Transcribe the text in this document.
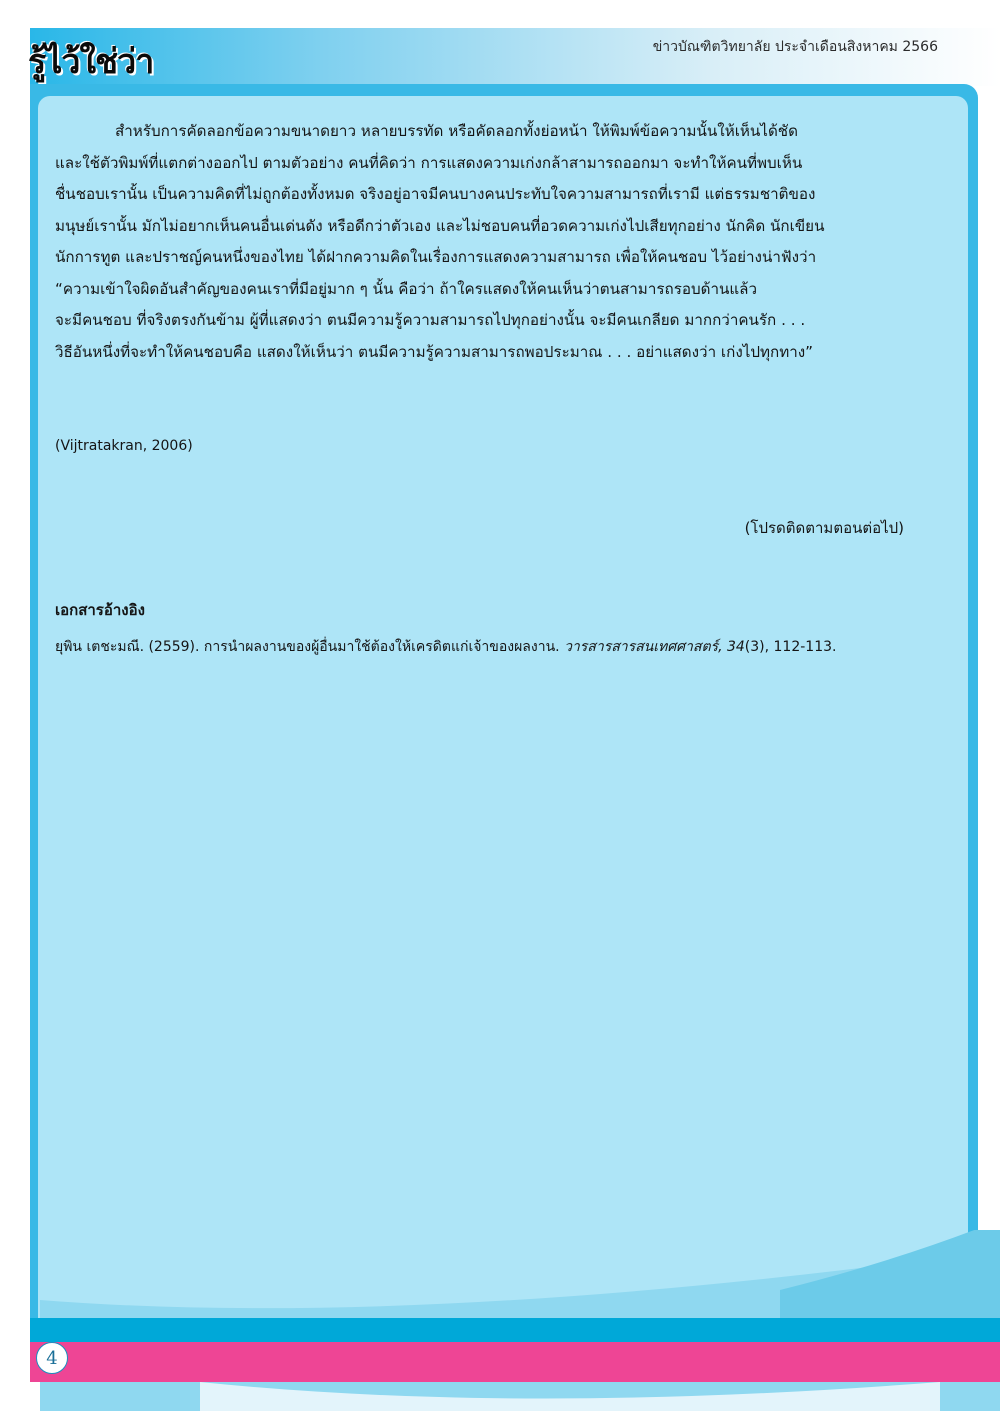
รู้ไว้ใช่ว่า	ข่าวบัณฑิตวิทยาลัย ประจำเดือนสิงหาคม 2566
สำหรับการคัดลอกข้อความขนาดยาว หลายบรรทัด หรือคัดลอกทั้งย่อหน้า ให้พิมพ์ข้อความนั้นให้เห็นได้ชัด
และใช้ตัวพิมพ์ที่แตกต่างออกไป ตามตัวอย่าง คนที่คิดว่า การแสดงความเก่งกล้าสามารถออกมา จะทำให้คนที่พบเห็น
ชื่นชอบเรานั้น เป็นความคิดที่ไม่ถูกต้องทั้งหมด จริงอยู่อาจมีคนบางคนประทับใจความสามารถที่เรามี แต่ธรรมชาติของ
มนุษย์เรานั้น มักไม่อยากเห็นคนอื่นเด่นดัง หรือดีกว่าตัวเอง และไม่ชอบคนที่อวดความเก่งไปเสียทุกอย่าง นักคิด นักเขียน
นักการทูต และปราชญ์คนหนึ่งของไทย ได้ฝากความคิดในเรื่องการแสดงความสามารถ เพื่อให้คนชอบ ไว้อย่างน่าฟังว่า
“ความเข้าใจผิดอันสำคัญของคนเราที่มีอยู่มาก ๆ นั้น คือว่า ถ้าใครแสดงให้คนเห็นว่าตนสามารถรอบด้านแล้ว
จะมีคนชอบ ที่จริงตรงกันข้าม ผู้ที่แสดงว่า ตนมีความรู้ความสามารถไปทุกอย่างนั้น จะมีคนเกลียด มากกว่าคนรัก . . .
วิธีอันหนึ่งที่จะทำให้คนชอบคือ แสดงให้เห็นว่า ตนมีความรู้ความสามารถพอประมาณ . . . อย่าแสดงว่า เก่งไปทุกทาง”
(Vijtratakran, 2006)
(โปรดติดตามตอนต่อไป)
เอกสารอ้างอิง
ยุพิน เตชะมณี. (2559). การนำผลงานของผู้อื่นมาใช้ต้องให้เครดิตแก่เจ้าของผลงาน. วารสารสารสนเทศศาสตร์, 34(3), 112-113.
4
